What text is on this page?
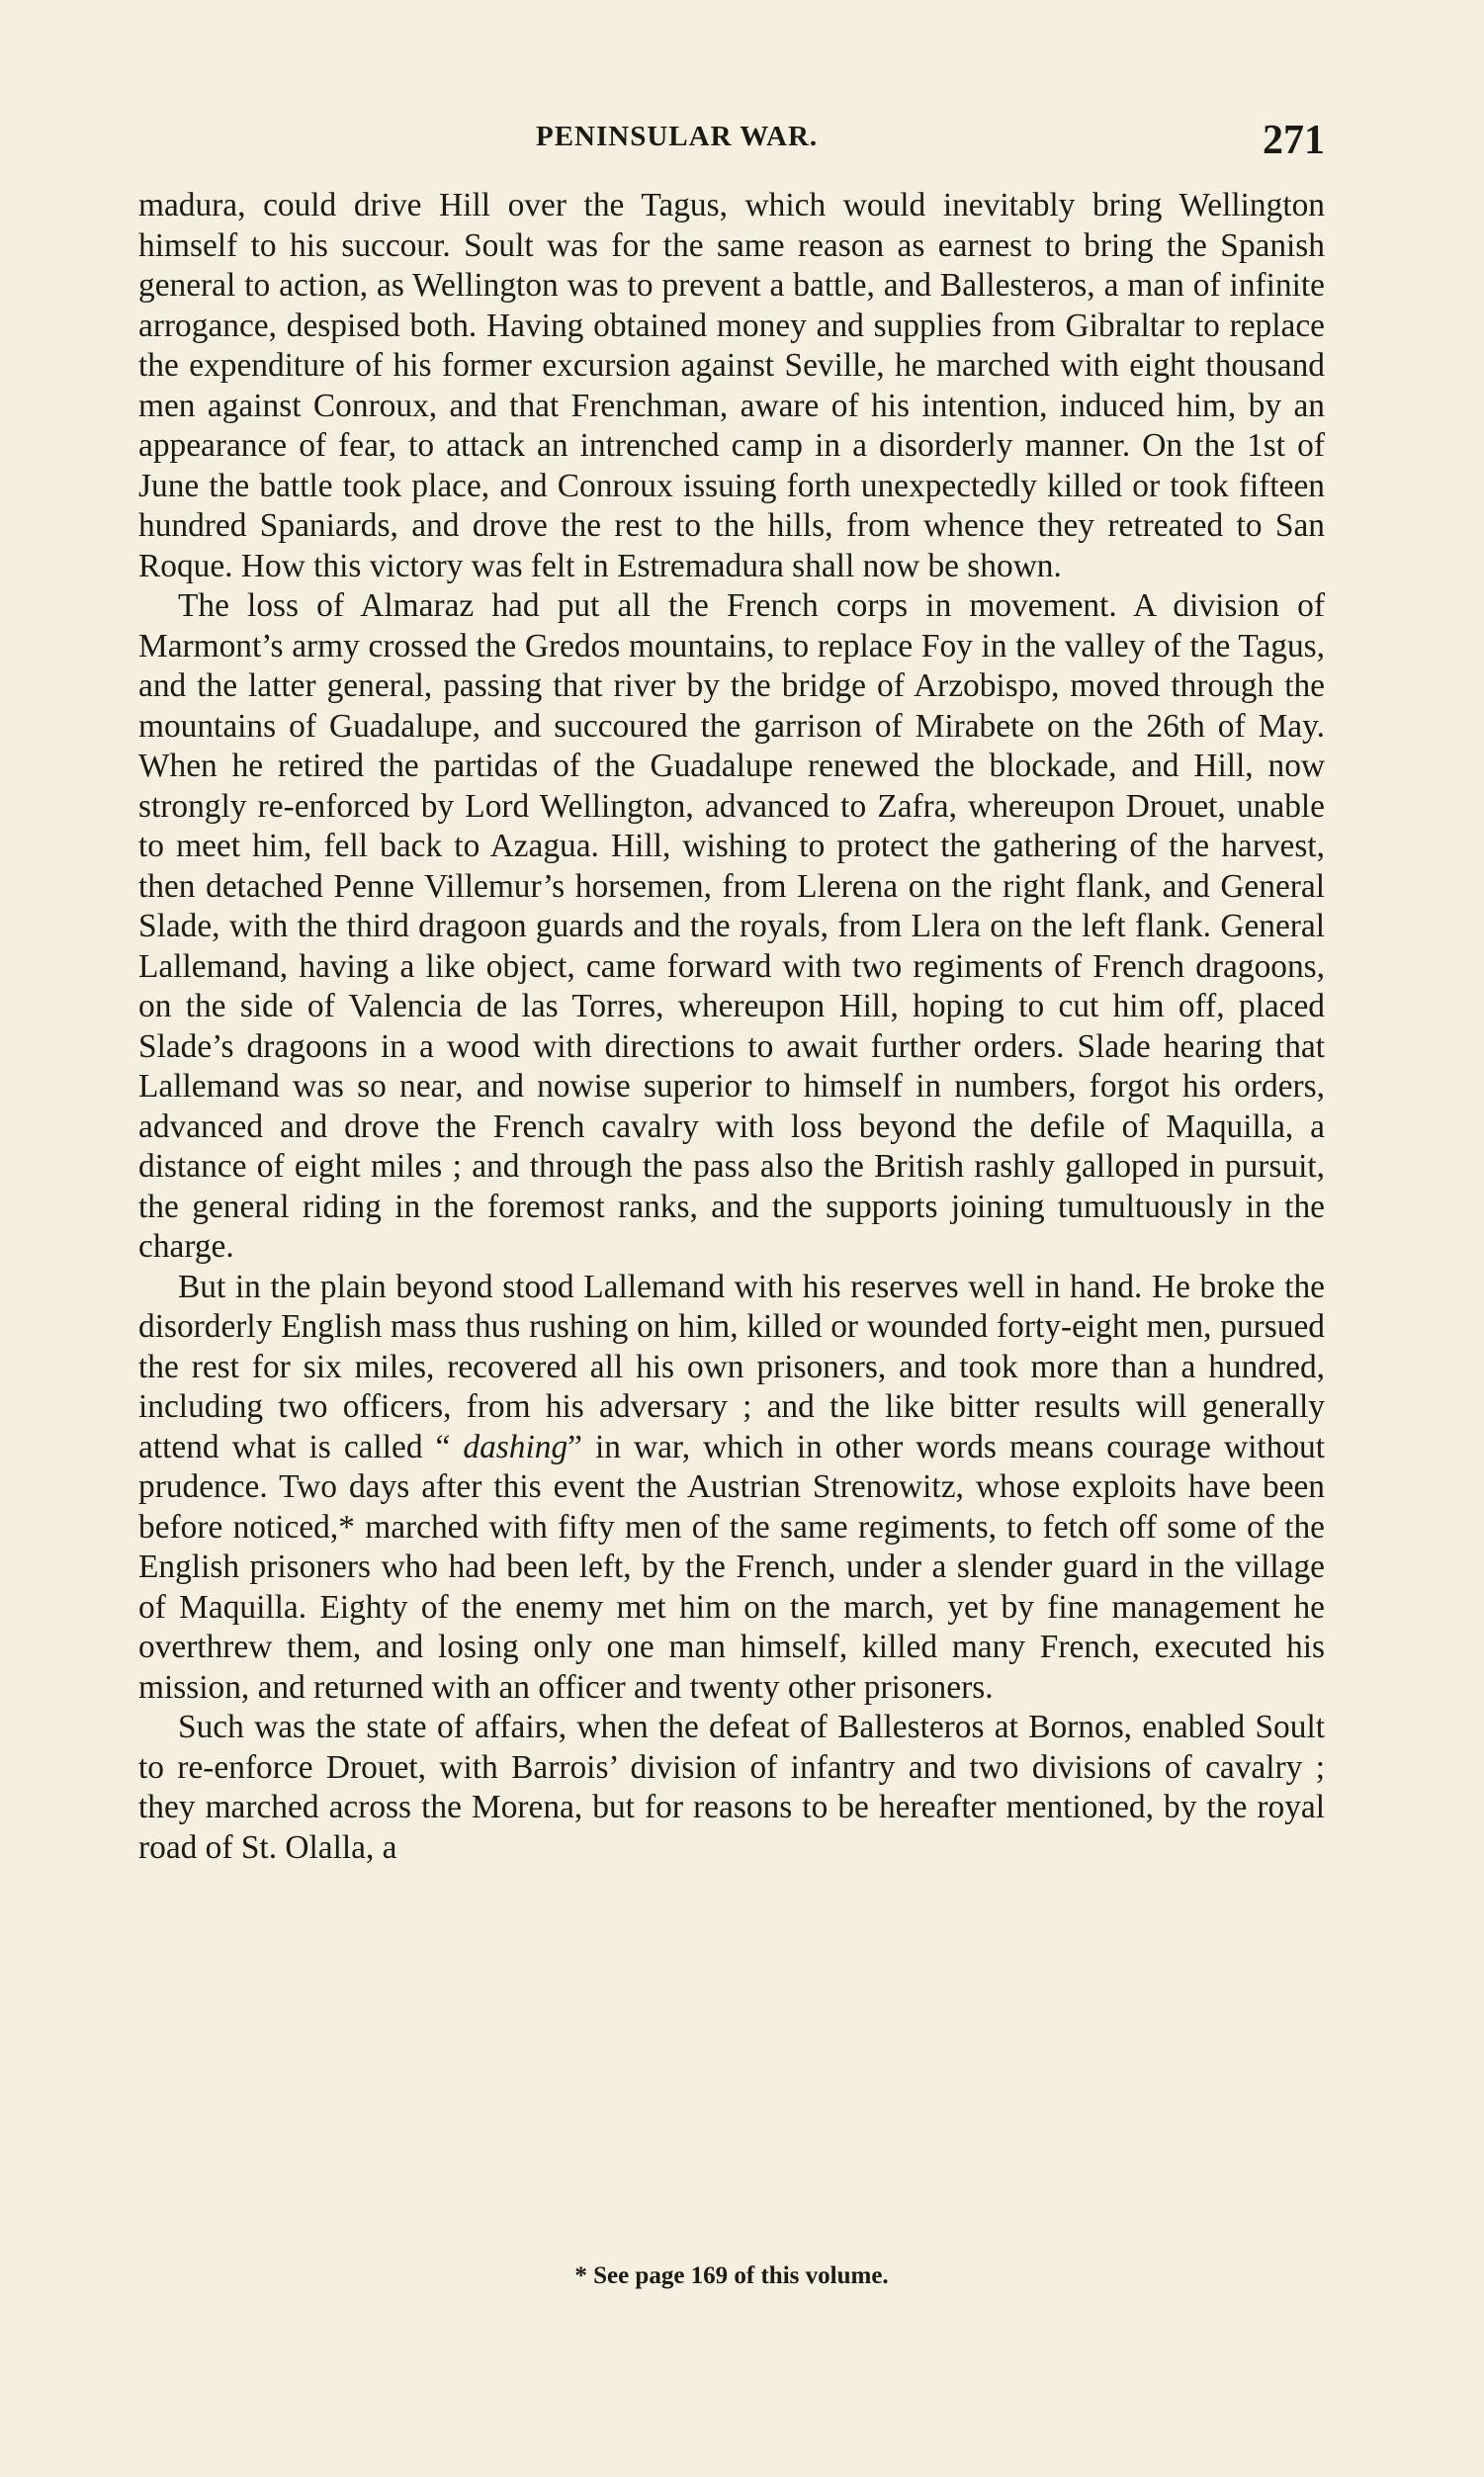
PENINSULAR WAR.	271

madura, could drive Hill over the Tagus, which would inevitably bring Wellington himself to his succour. Soult was for the same reason as earnest to bring the Spanish general to action, as Wellington was to prevent a battle, and Ballesteros, a man of infinite arrogance, despised both. Having obtained money and supplies from Gibraltar to replace the expenditure of his former excursion against Seville, he marched with eight thousand men against Conroux, and that Frenchman, aware of his intention, induced him, by an appearance of fear, to attack an intrenched camp in a disorderly manner. On the 1st of June the battle took place, and Conroux issuing forth unexpectedly killed or took fifteen hundred Spaniards, and drove the rest to the hills, from whence they retreated to San Roque. How this victory was felt in Estremadura shall now be shown.

The loss of Almaraz had put all the French corps in movement. A division of Marmont’s army crossed the Gredos mountains, to replace Foy in the valley of the Tagus, and the latter general, passing that river by the bridge of Arzobispo, moved through the mountains of Guadalupe, and succoured the garrison of Mirabete on the 26th of May. When he retired the partidas of the Guadalupe renewed the blockade, and Hill, now strongly re-enforced by Lord Wellington, advanced to Zafra, whereupon Drouet, unable to meet him, fell back to Azagua. Hill, wishing to protect the gathering of the harvest, then detached Penne Villemur’s horsemen, from Llerena on the right flank, and General Slade, with the third dragoon guards and the royals, from Llera on the left flank. General Lallemand, having a like object, came forward with two regiments of French dragoons, on the side of Valencia de las Torres, whereupon Hill, hoping to cut him off, placed Slade’s dragoons in a wood with directions to await further orders. Slade hearing that Lallemand was so near, and nowise superior to himself in numbers, forgot his orders, advanced and drove the French cavalry with loss beyond the defile of Maquilla, a distance of eight miles ; and through the pass also the British rashly galloped in pursuit, the general riding in the foremost ranks, and the supports joining tumultuously in the charge.

But in the plain beyond stood Lallemand with his reserves well in hand. He broke the disorderly English mass thus rushing on him, killed or wounded forty-eight men, pursued the rest for six miles, recovered all his own prisoners, and took more than a hundred, including two officers, from his adversary ; and the like bitter results will generally attend what is called “ dashing” in war, which in other words means courage without prudence. Two days after this event the Austrian Strenowitz, whose exploits have been before noticed,* marched with fifty men of the same regiments, to fetch off some of the English prisoners who had been left, by the French, under a slender guard in the village of Maquilla. Eighty of the enemy met him on the march, yet by fine management he overthrew them, and losing only one man himself, killed many French, executed his mission, and returned with an officer and twenty other prisoners.

Such was the state of affairs, when the defeat of Ballesteros at Bornos, enabled Soult to re-enforce Drouet, with Barrois’ division of infantry and two divisions of cavalry ; they marched across the Morena, but for reasons to be hereafter mentioned, by the royal road of St. Olalla, a

* See page 169 of this volume.
